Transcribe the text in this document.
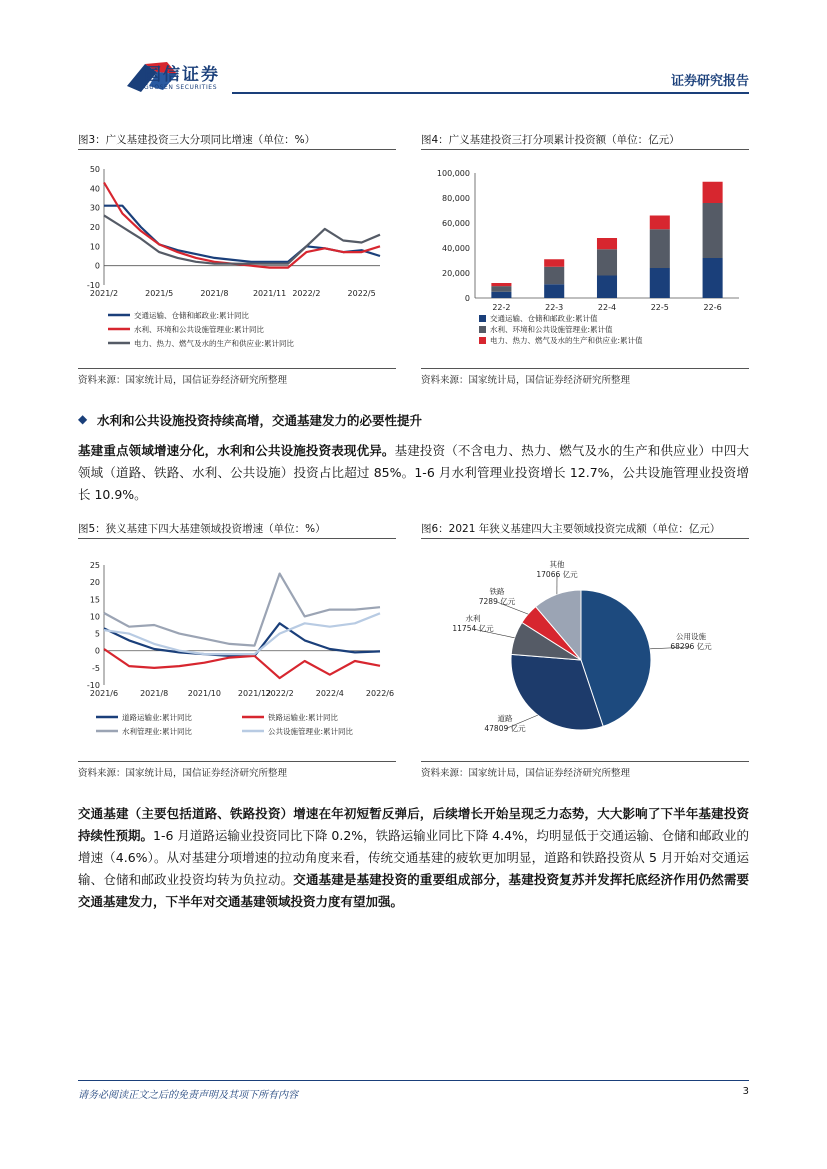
国信证券
GUOSEN SECURITIES	证券研究报告
图3：广义基建投资三大分项同比增速（单位：%）
-10
0
10
20
30
40
50
2021/2	2021/5	2021/8	2021/11 2022/2	2022/5
交通运输、仓储和邮政业:累计同比
水利、环境和公共设施管理业:累计同比
电力、热力、燃气及水的生产和供应业:累计同比
资料来源：国家统计局，国信证券经济研究所整理
图4：广义基建投资三打分项累计投资额（单位：亿元）
0
20,000
40,000
60,000
80,000
100,000
22-2	22-3	22-4	22-5	22-6
交通运输、仓储和邮政业:累计值
水利、环境和公共设施管理业:累计值
电力、热力、燃气及水的生产和供应业:累计值
资料来源：国家统计局，国信证券经济研究所整理
◆ 水利和公共设施投资持续高增，交通基建发力的必要性提升
基建重点领域增速分化，水利和公共设施投资表现优异。基建投资（不含电力、热力、燃气及水的生产和供应业）中四大领域（道路、铁路、水利、公共设施）投资占比超过 85%。1-6 月水利管理业投资增长 12.7%，公共设施管理业投资增长 10.9%。
图5：狭义基建下四大基建领域投资增速（单位：%）
-10
-5
0
5
10
15
20
25
2021/6	2021/8 2021/10 2021/12
2022/2	2022/4	2022/6
道路运输业:累计同比	铁路运输业:累计同比
水利管理业:累计同比	公共设施管理业:累计同比
资料来源：国家统计局，国信证券经济研究所整理
图6：2021 年狭义基建四大主要领域投资完成额（单位：亿元）
公用设施
68296 亿元
道路
47809 亿元
水利
11754 亿元
铁路
7289 亿元
其他
17066 亿元
资料来源：国家统计局，国信证券经济研究所整理
交通基建（主要包括道路、铁路投资）增速在年初短暂反弹后，后续增长开始呈现乏力态势，大大影响了下半年基建投资持续性预期。1-6 月道路运输业投资同比下降 0.2%，铁路运输业同比下降 4.4%，均明显低于交通运输、仓储和邮政业的增速（4.6%）。从对基建分项增速的拉动角度来看，传统交通基建的疲软更加明显，道路和铁路投资从 5 月开始对交通运输、仓储和邮政业投资均转为负拉动。交通基建是基建投资的重要组成部分，基建投资复苏并发挥托底经济作用仍然需要交通基建发力，下半年对交通基建领域投资力度有望加强。
请务必阅读正文之后的免责声明及其项下所有内容	3
